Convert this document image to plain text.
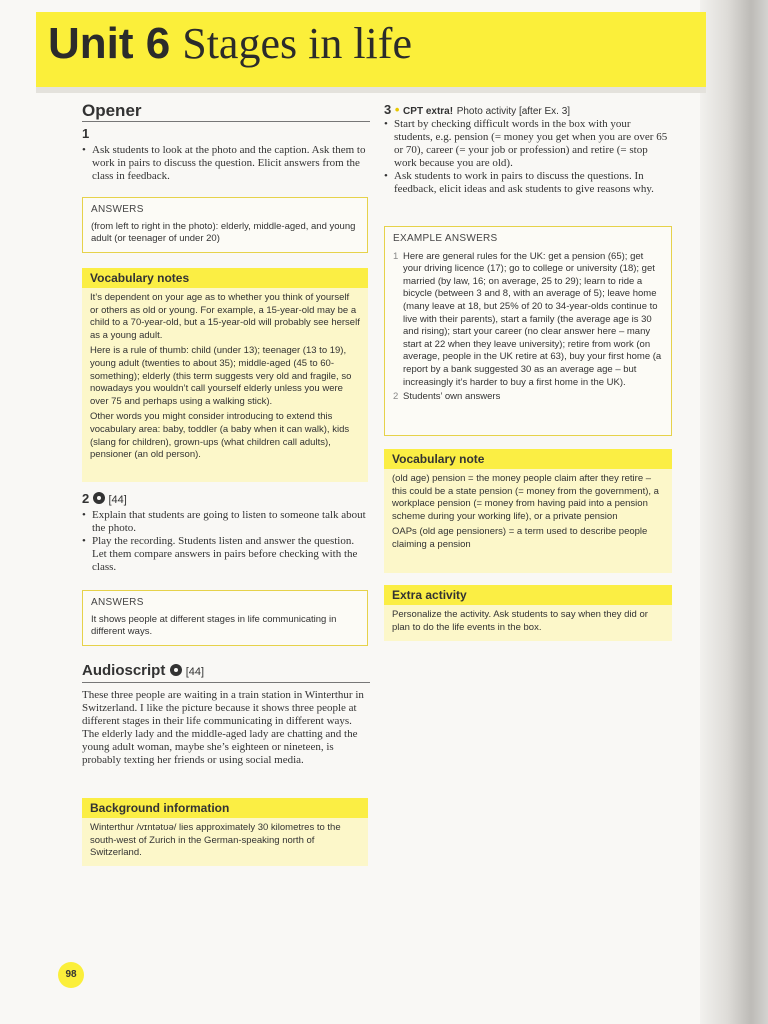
Unit 6 Stages in life
Opener
1
• Ask students to look at the photo and the caption. Ask them to work in pairs to discuss the question. Elicit answers from the class in feedback.
ANSWERS
(from left to right in the photo): elderly, middle-aged, and young adult (or teenager of under 20)
Vocabulary notes

It’s dependent on your age as to whether you think of yourself or others as old or young. For example, a 15-year-old may be a child to a 70-year-old, but a 15-year-old will probably see herself as a young adult.

Here is a rule of thumb: child (under 13); teenager (13 to 19), young adult (twenties to about 35); middle-aged (45 to 60-something); elderly (this term suggests very old and fragile, so nowadays you wouldn’t call yourself elderly unless you were over 75 and perhaps using a walking stick).

Other words you might consider introducing to extend this vocabulary area: baby, toddler (a baby when it can walk), kids (slang for children), grown-ups (what children call adults), pensioner (an old person).

2 [44]
• Explain that students are going to listen to someone talk about the photo.
• Play the recording. Students listen and answer the question. Let them compare answers in pairs before checking with the class.
ANSWERS
It shows people at different stages in life communicating in different ways.
Audioscript [44]
These three people are waiting in a train station in Winterthur in Switzerland. I like the picture because it shows three people at different stages in their life communicating in different ways. The elderly lady and the middle-aged lady are chatting and the young adult woman, maybe she’s eighteen or nineteen, is probably texting her friends or using social media.
Background information

Winterthur /vɪntətʊə/ lies approximately 30 kilometres to the south-west of Zurich in the German-speaking north of Switzerland.

3 • CPT extra! Photo activity [after Ex. 3]
• Start by checking difficult words in the box with your students, e.g. pension (= money you get when you are over 65 or 70), career (= your job or profession) and retire (= stop work because you are old).
• Ask students to work in pairs to discuss the questions. In feedback, elicit ideas and ask students to give reasons why.
EXAMPLE ANSWERS
1 Here are general rules for the UK: get a pension (65); get your driving licence (17); go to college or university (18); get married (by law, 16; on average, 25 to 29); learn to ride a bicycle (between 3 and 8, with an average of 5); leave home (many leave at 18, but 25% of 20 to 34-year-olds continue to live with their parents), start a family (the average age is 30 and rising); start your career (no clear answer here – many start at 22 when they leave university); retire from work (on average, people in the UK retire at 63), buy your first home (a report by a bank suggested 30 as an average age – but increasingly it’s harder to buy a first home in the UK).
2 Students’ own answers
Vocabulary note

(old age) pension = the money people claim after they retire – this could be a state pension (= money from the government), a workplace pension (= money from having paid into a pension scheme during your working life), or a private pension

OAPs (old age pensioners) = a term used to describe people claiming a pension

Extra activity

Personalize the activity. Ask students to say when they did or plan to do the life events in the box.

98
